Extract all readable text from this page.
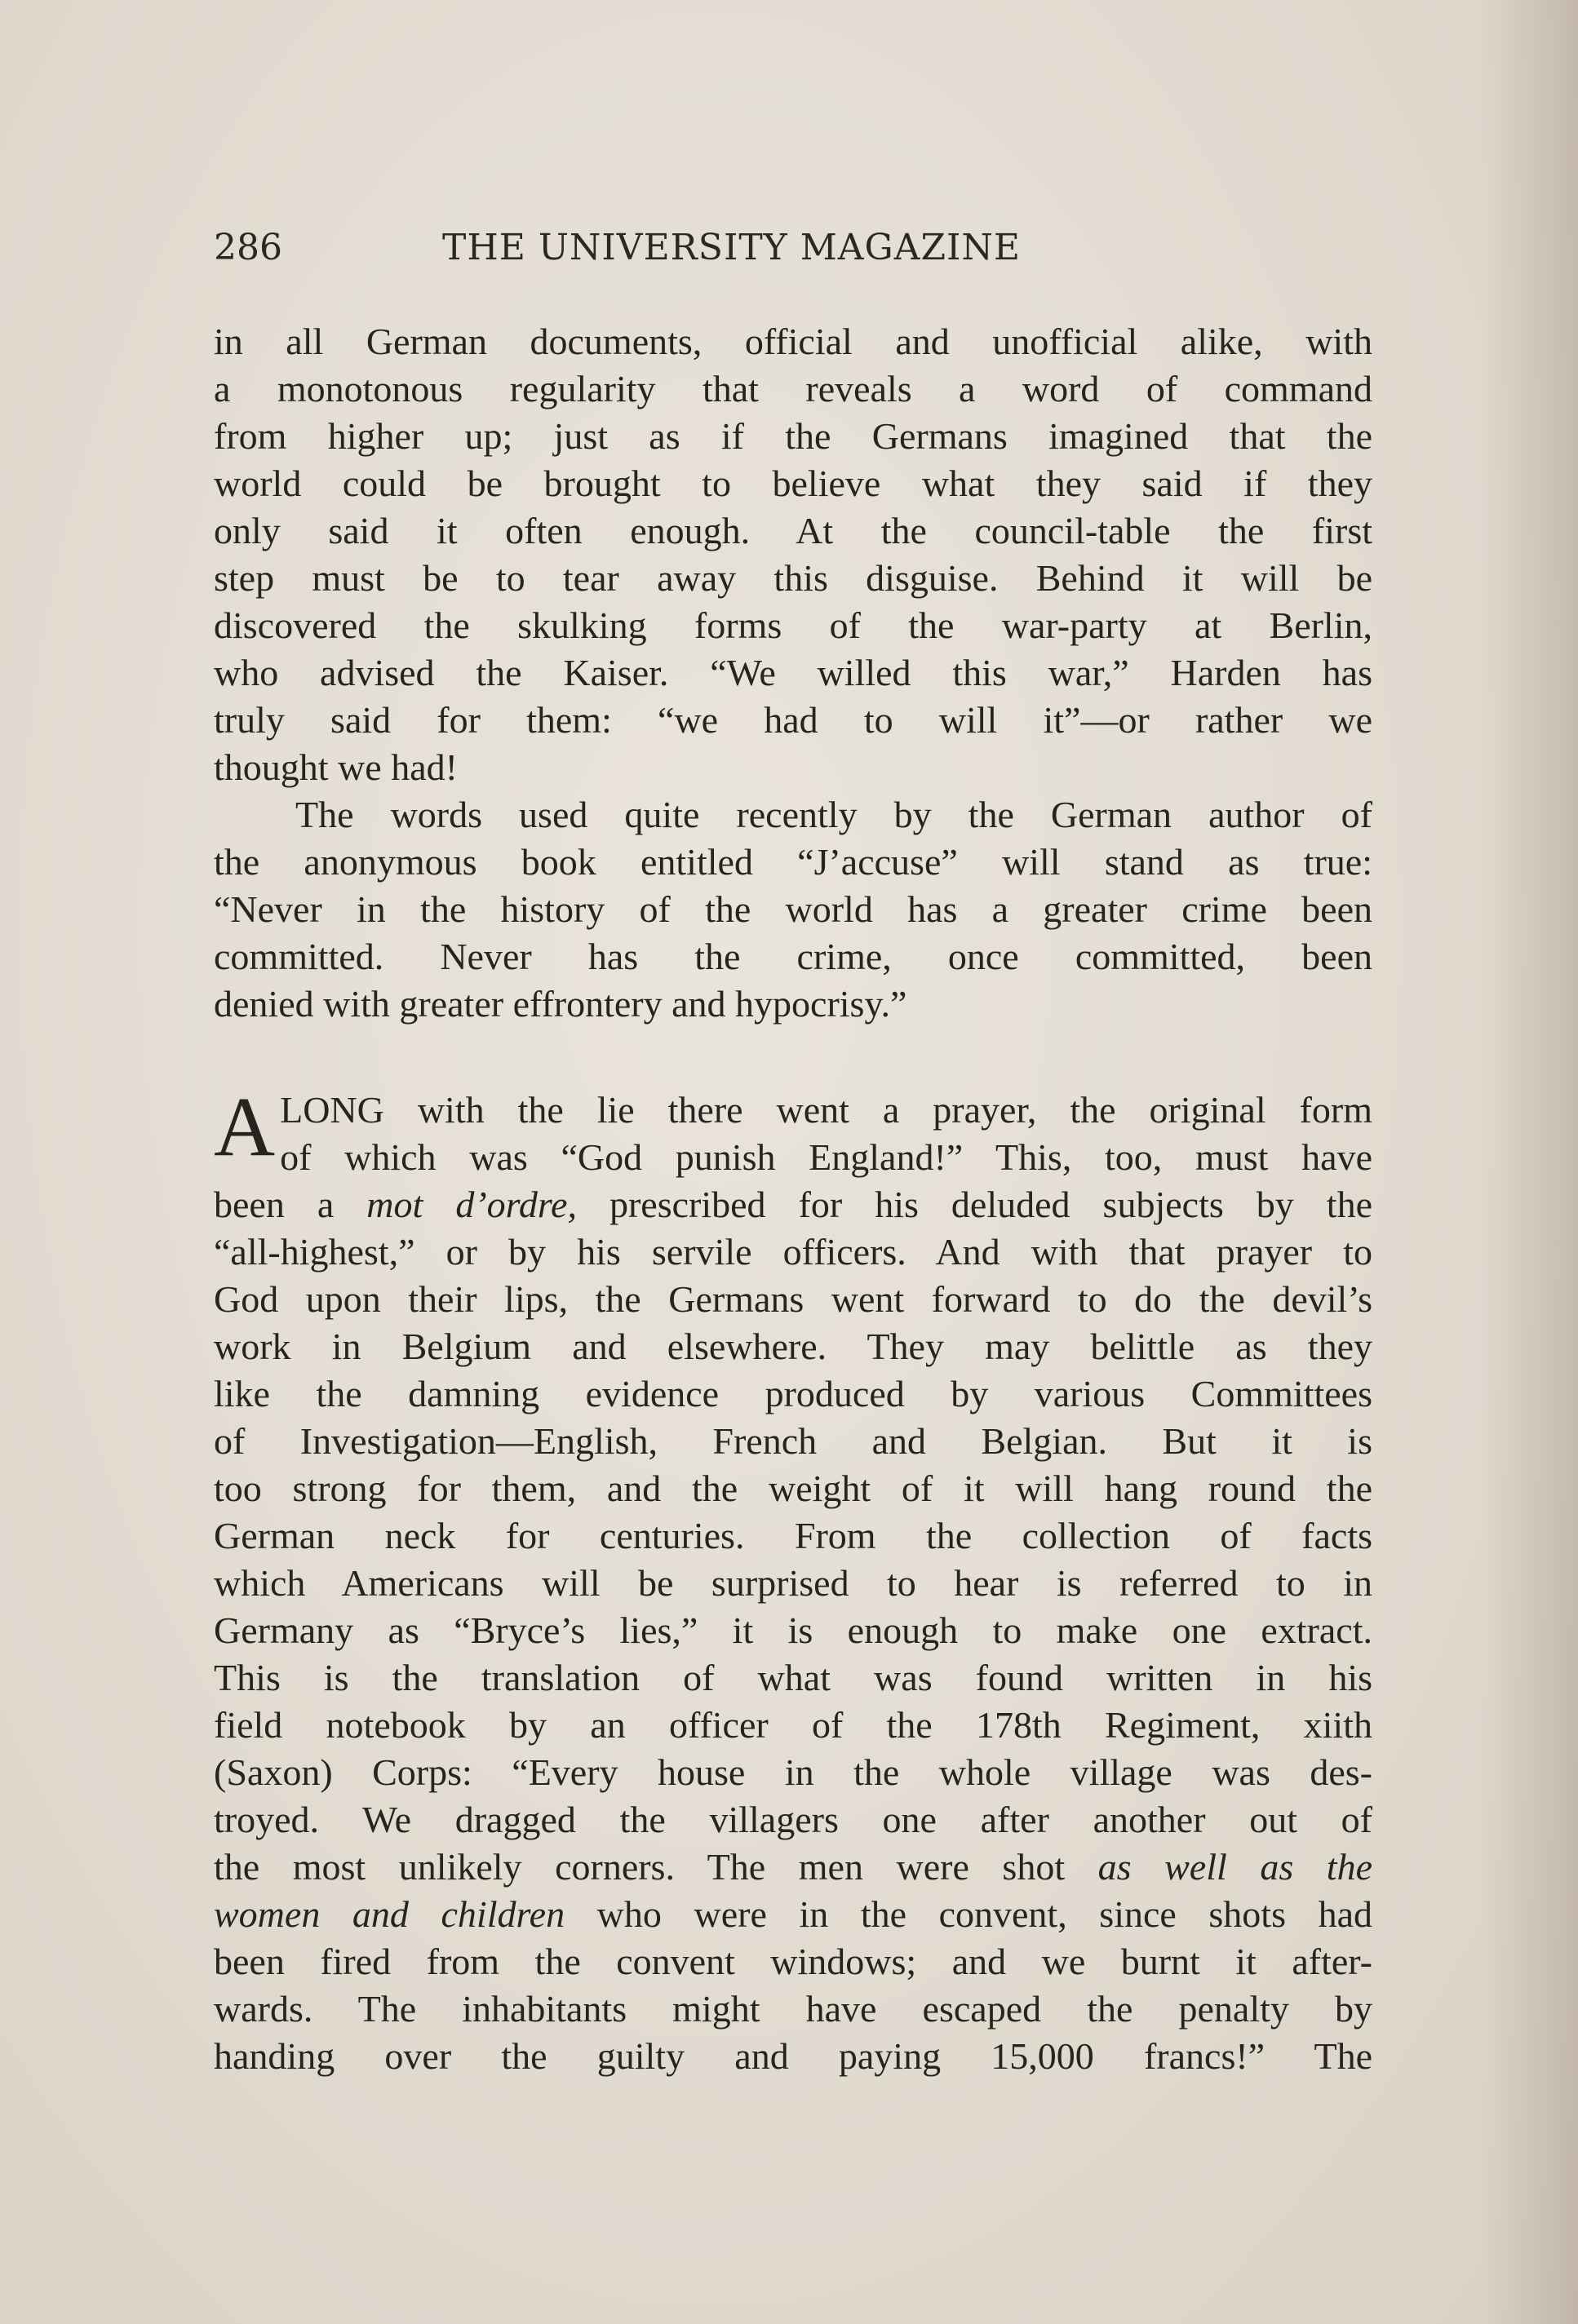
286	THE UNIVERSITY MAGAZINE
in all German documents, official and unofficial alike, with
a monotonous regularity that reveals a word of command
from higher up; just as if the Germans imagined that the
world could be brought to believe what they said if they
only said it often enough. At the council-table the first
step must be to tear away this disguise. Behind it will be
discovered the skulking forms of the war-party at Berlin,
who advised the Kaiser. “We willed this war,” Harden has
truly said for them: “we had to will it”—or rather we
thought we had!
The words used quite recently by the German author of
the anonymous book entitled “J’accuse” will stand as true:
“Never in the history of the world has a greater crime been
committed. Never has the crime, once committed, been
denied with greater effrontery and hypocrisy.”
A LONG with the lie there went a prayer, the original form
of which was “God punish England!” This, too, must have
been a mot d’ordre, prescribed for his deluded subjects by the
“all-highest,” or by his servile officers. And with that prayer to
God upon their lips, the Germans went forward to do the devil’s
work in Belgium and elsewhere. They may belittle as they
like the damning evidence produced by various Committees
of Investigation—English, French and Belgian. But it is
too strong for them, and the weight of it will hang round the
German neck for centuries. From the collection of facts
which Americans will be surprised to hear is referred to in
Germany as “Bryce’s lies,” it is enough to make one extract.
This is the translation of what was found written in his
field notebook by an officer of the 178th Regiment, xiith
(Saxon) Corps: “Every house in the whole village was des-
troyed. We dragged the villagers one after another out of
the most unlikely corners. The men were shot as well as the
women and children who were in the convent, since shots had
been fired from the convent windows; and we burnt it after-
wards. The inhabitants might have escaped the penalty by
handing over the guilty and paying 15,000 francs!” The
